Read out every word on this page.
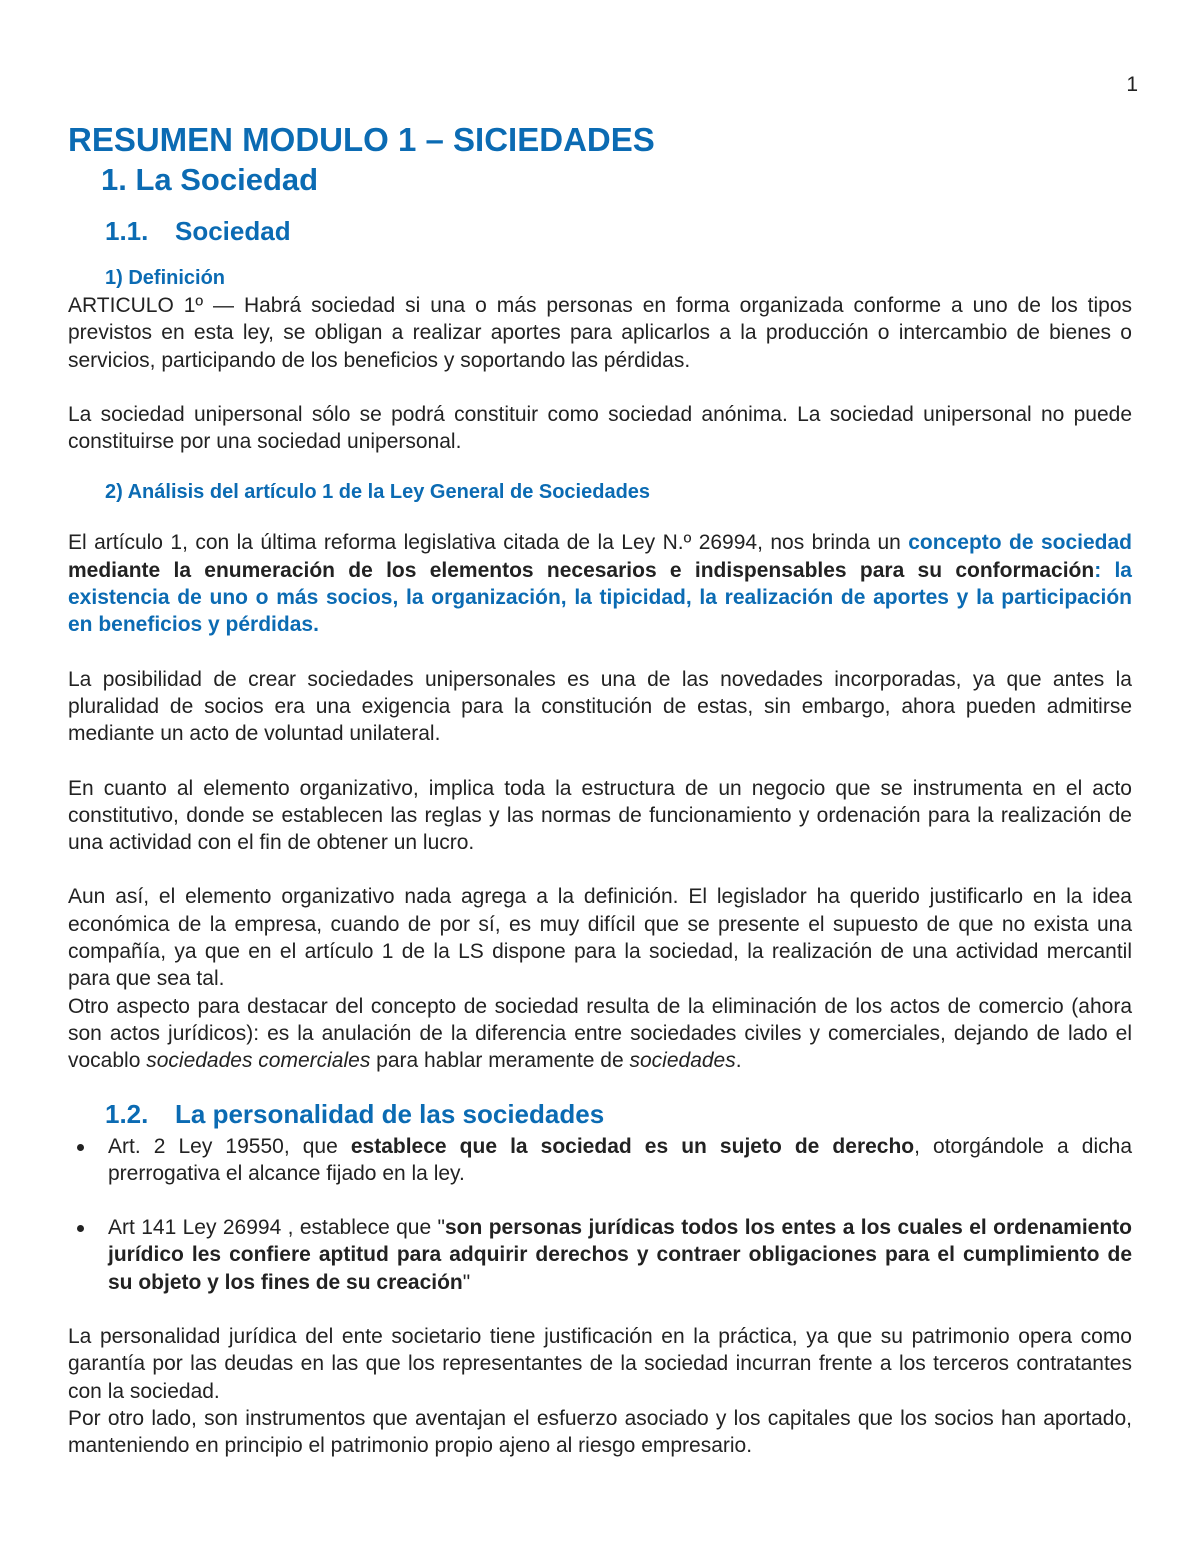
1
RESUMEN MODULO 1 – SICIEDADES
1. La Sociedad
1.1. Sociedad
1) Definición

ARTICULO 1º — Habrá sociedad si una o más personas en forma organizada conforme a uno de los tipos previstos en esta ley, se obligan a realizar aportes para aplicarlos a la producción o intercambio de bienes o servicios, participando de los beneficios y soportando las pérdidas.

La sociedad unipersonal sólo se podrá constituir como sociedad anónima. La sociedad unipersonal no puede constituirse por una sociedad unipersonal.

2) Análisis del artículo 1 de la Ley General de Sociedades

El artículo 1, con la última reforma legislativa citada de la Ley N.º 26994, nos brinda un concepto de sociedad mediante la enumeración de los elementos necesarios e indispensables para su conformación: la existencia de uno o más socios, la organización, la tipicidad, la realización de aportes y la participación en beneficios y pérdidas.

La posibilidad de crear sociedades unipersonales es una de las novedades incorporadas, ya que antes la pluralidad de socios era una exigencia para la constitución de estas, sin embargo, ahora pueden admitirse mediante un acto de voluntad unilateral.

En cuanto al elemento organizativo, implica toda la estructura de un negocio que se instrumenta en el acto constitutivo, donde se establecen las reglas y las normas de funcionamiento y ordenación para la realización de una actividad con el fin de obtener un lucro.

Aun así, el elemento organizativo nada agrega a la definición. El legislador ha querido justificarlo en la idea económica de la empresa, cuando de por sí, es muy difícil que se presente el supuesto de que no exista una compañía, ya que en el artículo 1 de la LS dispone para la sociedad, la realización de una actividad mercantil para que sea tal.

Otro aspecto para destacar del concepto de sociedad resulta de la eliminación de los actos de comercio (ahora son actos jurídicos): es la anulación de la diferencia entre sociedades civiles y comerciales, dejando de lado el vocablo sociedades comerciales para hablar meramente de sociedades.

1.2. La personalidad de las sociedades
Art. 2 Ley 19550, que establece que la sociedad es un sujeto de derecho, otorgándole a dicha prerrogativa el alcance fijado en la ley.
Art 141 Ley 26994 , establece que "son personas jurídicas todos los entes a los cuales el ordenamiento jurídico les confiere aptitud para adquirir derechos y contraer obligaciones para el cumplimiento de su objeto y los fines de su creación"

La personalidad jurídica del ente societario tiene justificación en la práctica, ya que su patrimonio opera como garantía por las deudas en las que los representantes de la sociedad incurran frente a los terceros contratantes con la sociedad.

Por otro lado, son instrumentos que aventajan el esfuerzo asociado y los capitales que los socios han aportado, manteniendo en principio el patrimonio propio ajeno al riesgo empresario.
